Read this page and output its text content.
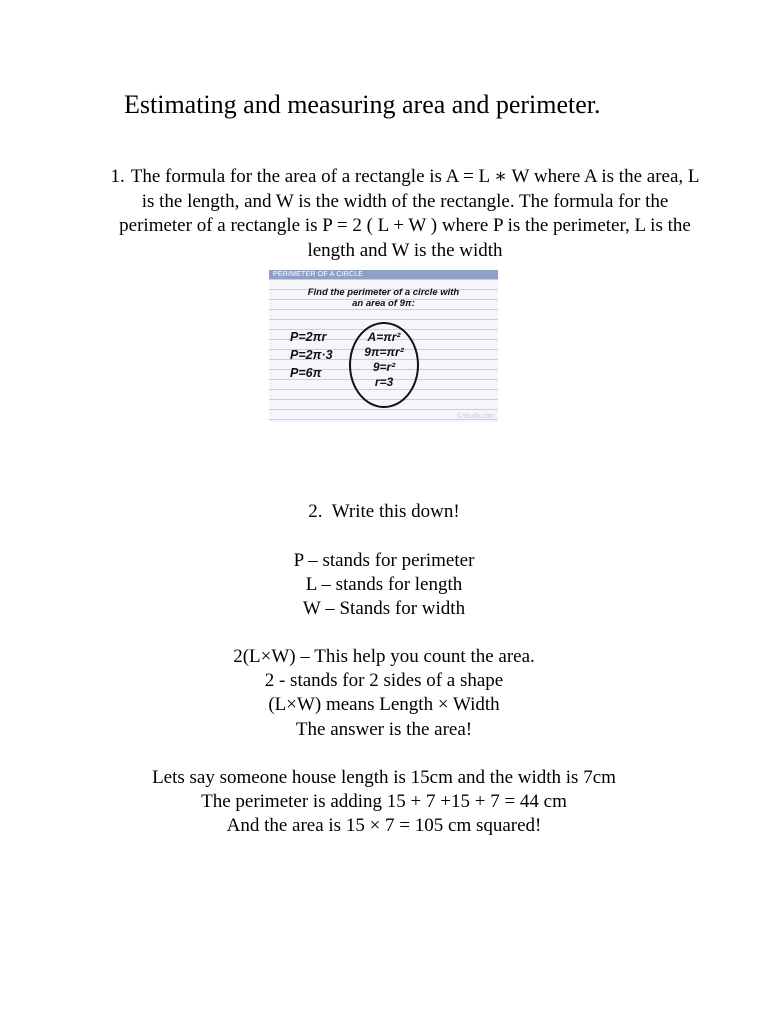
Estimating and measuring area and perimeter.
1. The formula for the area of a rectangle is A = L ∗ W where A is the area, L is the length, and W is the width of the rectangle. The formula for the perimeter of a rectangle is P = 2 ( L + W ) where P is the perimeter, L is the length and W is the width
PERIMETER OF A CIRCLE
Find the perimeter of a circle with
an area of 9π:
P=2πr
P=2π·3
P=6π
A=πr²
9π=πr²
9=r²
r=3
©Study.com
2. Write this down!
P – stands for perimeter
L – stands for length
W – Stands for width
2(L×W) – This help you count the area.
2 - stands for 2 sides of a shape
(L×W) means Length × Width
The answer is the area!
Lets say someone house length is 15cm and the width is 7cm
The perimeter is adding 15 + 7 +15 + 7 = 44 cm
And the area is 15 × 7 = 105 cm squared!
